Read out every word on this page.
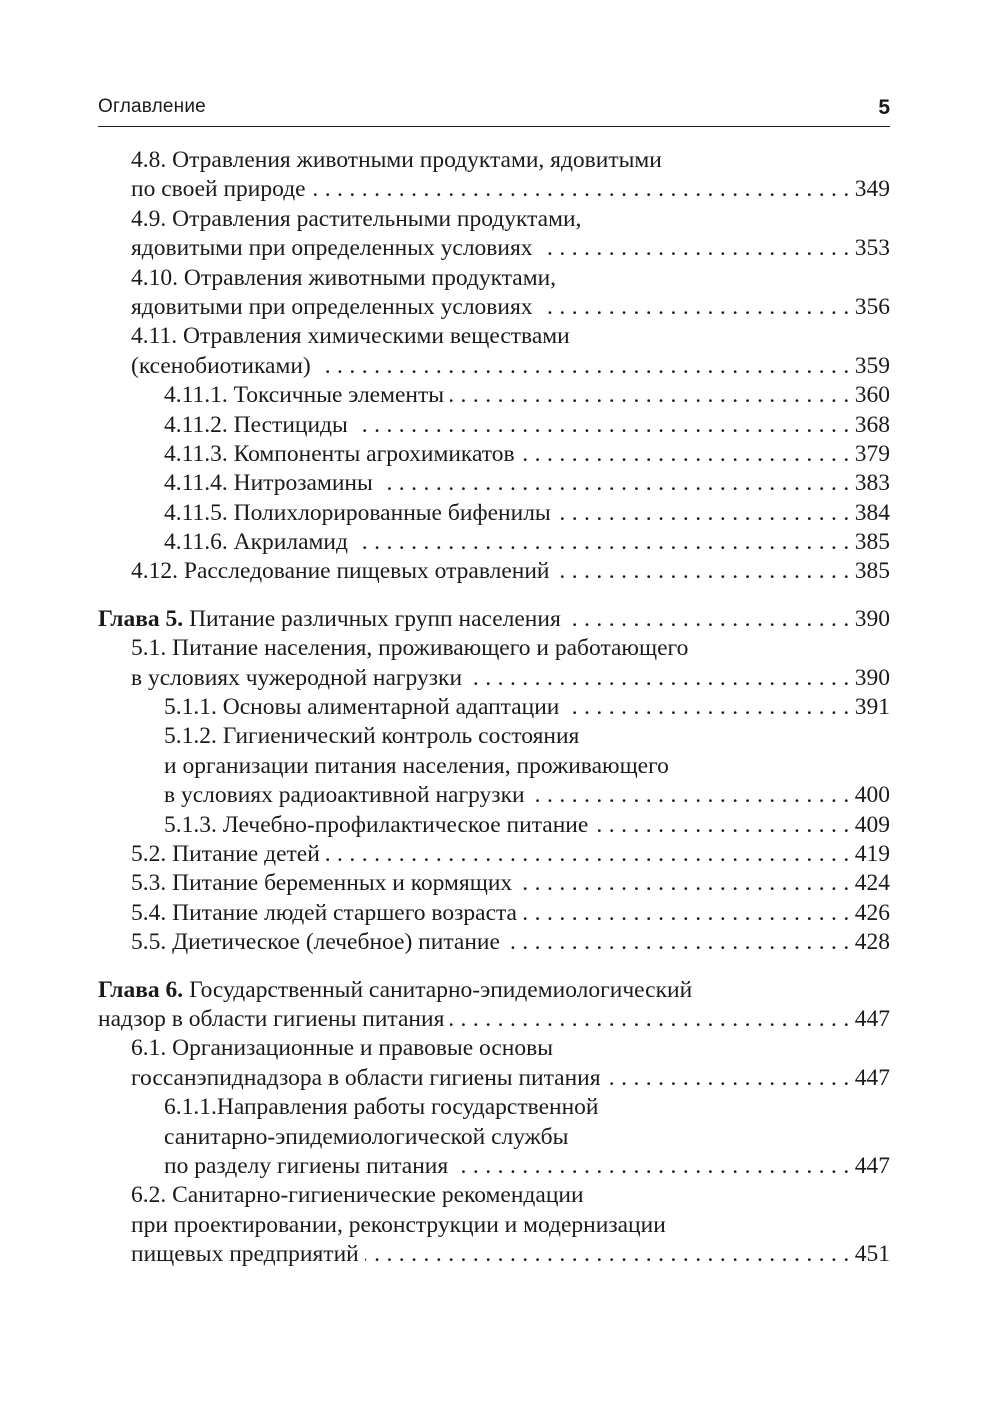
Оглавление	5
4.8. Отравления животными продуктами, ядовитыми
. . . по своей природе	349
4.9. Отравления растительными продуктами,
. . . ядовитыми при определенных условиях	353
4.10. Отравления животными продуктами,
. . . ядовитыми при определенных условиях	356
4.11. Отравления химическими веществами
. . . (ксенобиотиками)	359
. . . 4.11.1. Токсичные элементы	360
. . . 4.11.2. Пестициды	368
. . . 4.11.3. Компоненты агрохимикатов	379
. . . 4.11.4. Нитрозамины	383
. . . 4.11.5. Полихлорированные бифенилы	384
. . . 4.11.6. Акриламид	385
. . . 4.12. Расследование пищевых отравлений	385
. . . Глава 5. Питание различных групп населения	390
5.1. Питание населения, проживающего и работающего
. . . в условиях чужеродной нагрузки	390
. . . 5.1.1. Основы алиментарной адаптации	391
5.1.2. Гигиенический контроль состояния
и организации питания населения, проживающего
. . . в условиях радиоактивной нагрузки	400
. . . 5.1.3. Лечебно-профилактическое питание	409
. . . 5.2. Питание детей	419
. . . 5.3. Питание беременных и кормящих	424
. . . 5.4. Питание людей старшего возраста	426
. . . 5.5. Диетическое (лечебное) питание	428
Глава 6. Государственный санитарно-эпидемиологический
. . . надзор в области гигиены питания	447
6.1. Организационные и правовые основы
. . . госсанэпиднадзора в области гигиены питания	447
6.1.1.Направления работы государственной
санитарно-эпидемиологической службы
. . . по разделу гигиены питания	447
6.2. Санитарно-гигиенические рекомендации
при проектировании, реконструкции и модернизации
. . . пищевых предприятий	451
